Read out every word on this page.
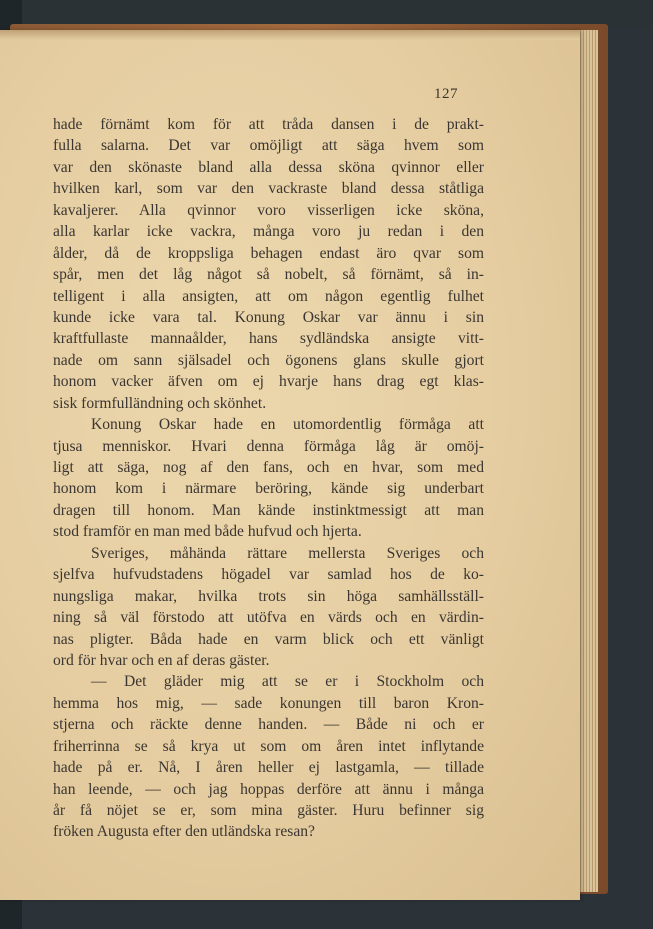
127
hade förnämt kom för att tråda dansen i de prakt-
fulla salarna. Det var omöjligt att säga hvem som
var den skönaste bland alla dessa sköna qvinnor eller
hvilken karl, som var den vackraste bland dessa ståtliga
kavaljerer. Alla qvinnor voro visserligen icke sköna,
alla karlar icke vackra, många voro ju redan i den
ålder, då de kroppsliga behagen endast äro qvar som
spår, men det låg något så nobelt, så förnämt, så in-
telligent i alla ansigten, att om någon egentlig fulhet
kunde icke vara tal. Konung Oskar var ännu i sin
kraftfullaste mannaålder, hans sydländska ansigte vitt-
nade om sann själsadel och ögonens glans skulle gjort
honom vacker äfven om ej hvarje hans drag egt klas-
sisk formfulländning och skönhet.
Konung Oskar hade en utomordentlig förmåga att
tjusa menniskor. Hvari denna förmåga låg är omöj-
ligt att säga, nog af den fans, och en hvar, som med
honom kom i närmare beröring, kände sig underbart
dragen till honom. Man kände instinktmessigt att man
stod framför en man med både hufvud och hjerta.
Sveriges, måhända rättare mellersta Sveriges och
sjelfva hufvudstadens högadel var samlad hos de ko-
nungsliga makar, hvilka trots sin höga samhällsställ-
ning så väl förstodo att utöfva en värds och en värdin-
nas pligter. Båda hade en varm blick och ett vänligt
ord för hvar och en af deras gäster.
— Det gläder mig att se er i Stockholm och
hemma hos mig, — sade konungen till baron Kron-
stjerna och räckte denne handen. — Både ni och er
friherrinna se så krya ut som om åren intet inflytande
hade på er. Nå, I åren heller ej lastgamla, — tillade
han leende, — och jag hoppas derföre att ännu i många
år få nöjet se er, som mina gäster. Huru befinner sig
fröken Augusta efter den utländska resan?
